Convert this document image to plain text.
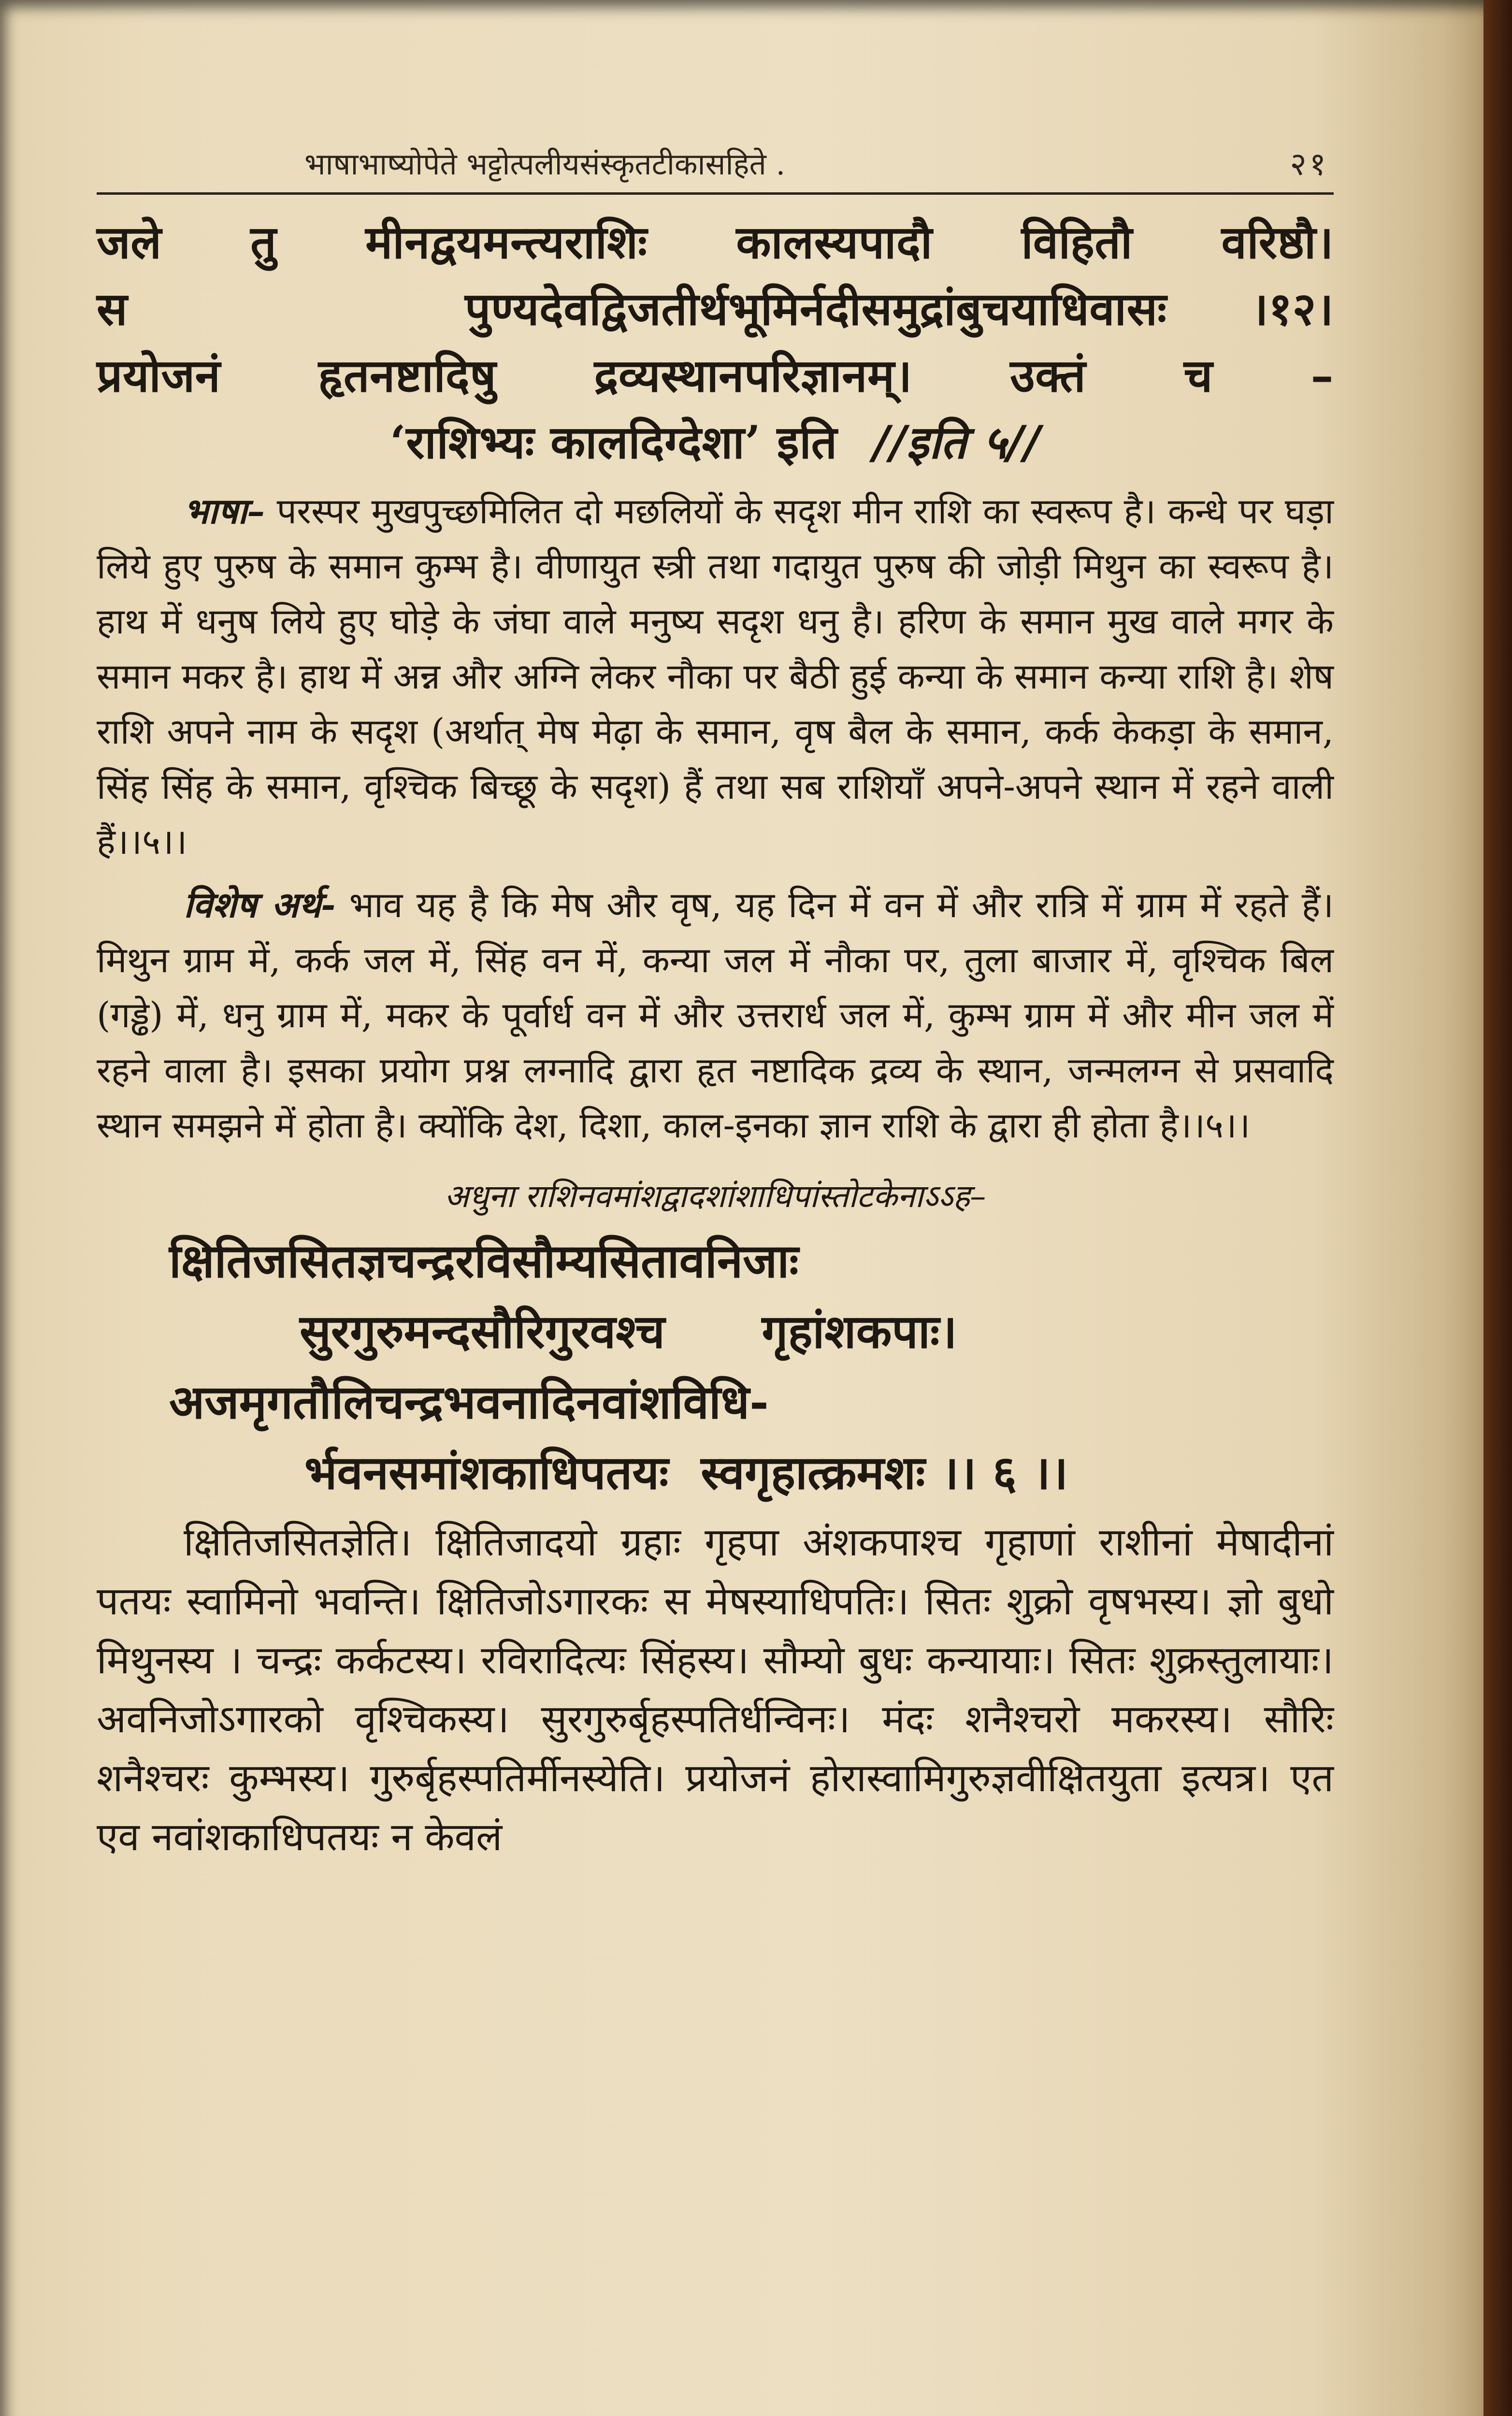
भाषाभाष्योपेते भट्टोत्पलीयसंस्कृतटीकासहिते .	२१

जले तु मीनद्वयमन्त्यराशिः कालस्यपादौ विहितौ वरिष्ठौ।

स    पुण्यदेवद्विजतीर्थभूमिर्नदीसमुद्रांबुचयाधिवासः ।१२।

प्रयोजनं हृतनष्टादिषु द्रव्यस्थानपरिज्ञानम्। उक्तं च –

‘राशिभ्यः कालदिग्देशा’ इति //इति ५//

भाषा– परस्पर मुखपुच्छमिलित दो मछलियों के सदृश मीन राशि का स्वरूप है। कन्धे पर घड़ा लिये हुए पुरुष के समान कुम्भ है। वीणायुत स्त्री तथा गदायुत पुरुष की जोड़ी मिथुन का स्वरूप है। हाथ में धनुष लिये हुए घोड़े के जंघा वाले मनुष्य सदृश धनु है। हरिण के समान मुख वाले मगर के समान मकर है। हाथ में अन्न और अग्नि लेकर नौका पर बैठी हुई कन्या के समान कन्या राशि है। शेष राशि अपने नाम के सदृश (अर्थात् मेष मेढ़ा के समान, वृष बैल के समान, कर्क केकड़ा के समान, सिंह सिंह के समान, वृश्चिक बिच्छू के सदृश) हैं तथा सब राशियाँ अपने-अपने स्थान में रहने वाली हैं।।५।।

विशेष अर्थ- भाव यह है कि मेष और वृष, यह दिन में वन में और रात्रि में ग्राम में रहते हैं। मिथुन ग्राम में, कर्क जल में, सिंह वन में, कन्या जल में नौका पर, तुला बाजार में, वृश्चिक बिल (गड्ढे) में, धनु ग्राम में, मकर के पूर्वार्ध वन में और उत्तरार्ध जल में, कुम्भ ग्राम में और मीन जल में रहने वाला है। इसका प्रयोग प्रश्न लग्नादि द्वारा हृत नष्टादिक द्रव्य के स्थान, जन्मलग्न से प्रसवादि स्थान समझने में होता है। क्योंकि देश, दिशा, काल-इनका ज्ञान राशि के द्वारा ही होता है।।५।।

अधुना राशिनवमांशद्वादशांशाधिपांस्तोटकेनाऽऽह–

क्षितिजसितज्ञचन्द्ररविसौम्यसितावनिजाः

सुरगुरुमन्दसौरिगुरवश्च      गृहांशकपाः।

अजमृगतौलिचन्द्रभवनादिनवांशविधि-

र्भवनसमांशकाधिपतयः  स्वगृहात्क्रमशः ।। ६ ।।

क्षितिजसितज्ञेति। क्षितिजादयो ग्रहाः गृहपा अंशकपाश्च गृहाणां राशीनां मेषादीनां पतयः स्वामिनो भवन्ति। क्षितिजोऽगारकः स मेषस्याधिपतिः। सितः शुक्रो वृषभस्य। ज्ञो बुधो मिथुनस्य । चन्द्रः कर्कटस्य। रविरादित्यः सिंहस्य। सौम्यो बुधः कन्यायाः। सितः शुक्रस्तुलायाः। अवनिजोऽगारको वृश्चिकस्य। सुरगुरुर्बृहस्पतिर्धन्विनः। मंदः शनैश्चरो मकरस्य। सौरिः शनैश्चरः कुम्भस्य। गुरुर्बृहस्पतिर्मीनस्येति। प्रयोजनं होरास्वामिगुरुज्ञवीक्षितयुता इत्यत्र। एत एव नवांशकाधिपतयः न केवलं
